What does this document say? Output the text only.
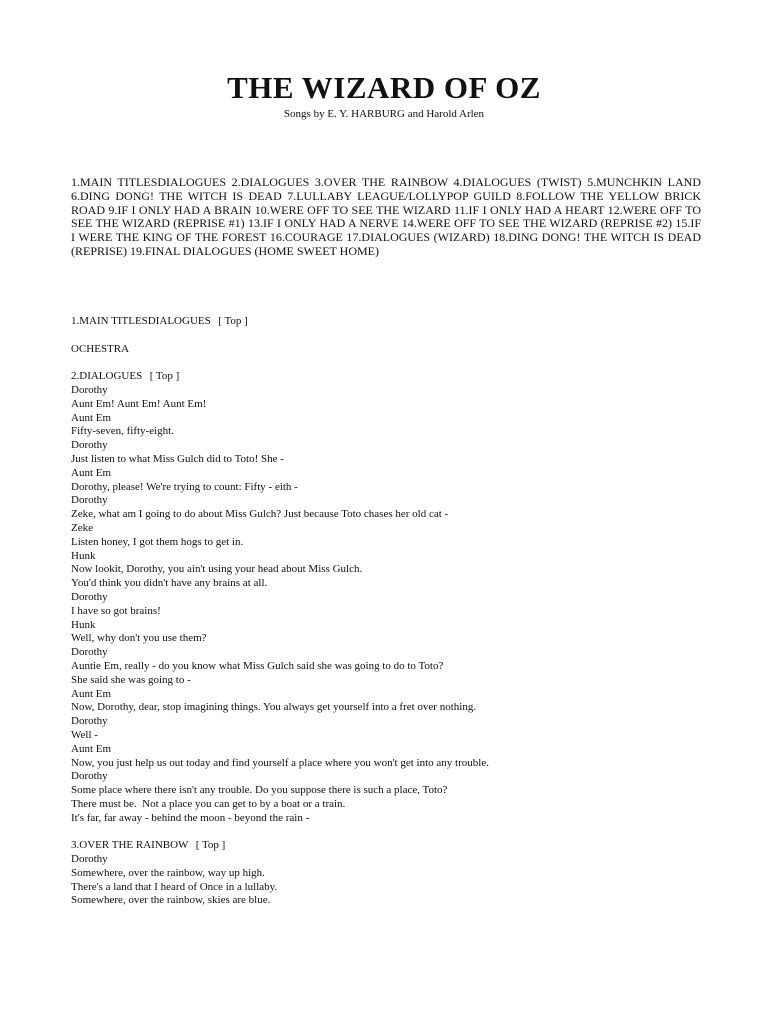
THE WIZARD OF OZ
Songs by E. Y. HARBURG and Harold Arlen
1.MAIN TITLESDIALOGUES 2.DIALOGUES 3.OVER THE RAINBOW 4.DIALOGUES (TWIST) 5.MUNCHKIN LAND 6.DING DONG! THE WITCH IS DEAD 7.LULLABY LEAGUE/LOLLYPOP GUILD 8.FOLLOW THE YELLOW BRICK ROAD 9.IF I ONLY HAD A BRAIN 10.WERE OFF TO SEE THE WIZARD 11.IF I ONLY HAD A HEART 12.WERE OFF TO SEE THE WIZARD (REPRISE #1) 13.IF I ONLY HAD A NERVE 14.WERE OFF TO SEE THE WIZARD (REPRISE #2) 15.IF I WERE THE KING OF THE FOREST 16.COURAGE 17.DIALOGUES (WIZARD) 18.DING DONG! THE WITCH IS DEAD (REPRISE) 19.FINAL DIALOGUES (HOME SWEET HOME)
1.MAIN TITLESDIALOGUES [ Top ]
OCHESTRA
2.DIALOGUES [ Top ]
Dorothy
Aunt Em! Aunt Em! Aunt Em!
Aunt Em
Fifty-seven, fifty-eight.
Dorothy
Just listen to what Miss Gulch did to Toto! She -
Aunt Em
Dorothy, please! We're trying to count: Fifty - eith -
Dorothy
Zeke, what am I going to do about Miss Gulch? Just because Toto chases her old cat -
Zeke
Listen honey, I got them hogs to get in.
Hunk
Now lookit, Dorothy, you ain't using your head about Miss Gulch.
You'd think you didn't have any brains at all.
Dorothy
I have so got brains!
Hunk
Well, why don't you use them?
Dorothy
Auntie Em, really - do you know what Miss Gulch said she was going to do to Toto?
She said she was going to -
Aunt Em
Now, Dorothy, dear, stop imagining things. You always get yourself into a fret over nothing.
Dorothy
Well -
Aunt Em
Now, you just help us out today and find yourself a place where you won't get into any trouble.
Dorothy
Some place where there isn't any trouble. Do you suppose there is such a place, Toto?
There must be.  Not a place you can get to by a boat or a train.
It's far, far away - behind the moon - beyond the rain -
3.OVER THE RAINBOW [ Top ]
Dorothy
Somewhere, over the rainbow, way up high.
There's a land that I heard of Once in a lullaby.
Somewhere, over the rainbow, skies are blue.
